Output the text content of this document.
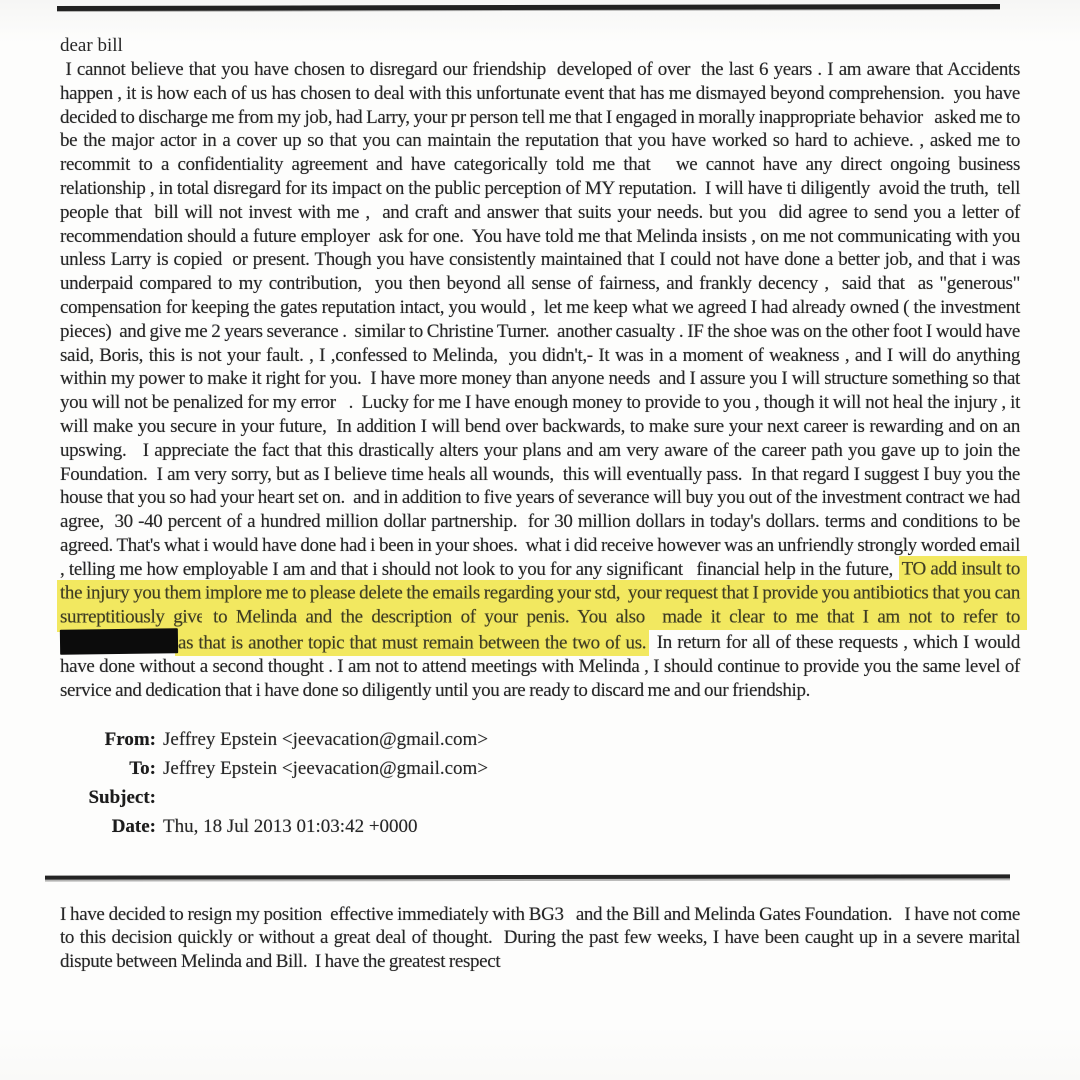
dear bill

I cannot believe that you have chosen to disregard our friendship  developed of over  the last 6 years . I am aware that Accidents happen , it is how each of us has chosen to deal with this unfortunate event that has me dismayed beyond comprehension.  you have decided to discharge me from my job, had Larry, your pr person tell me that I engaged in morally inappropriate behavior   asked me to be the major actor in a cover up so that you can maintain the reputation that you have worked so hard to achieve. , asked me to recommit to a confidentiality agreement and have categorically told me that   we cannot have any direct ongoing business relationship , in total disregard for its impact on the public perception of MY reputation.  I will have ti diligently  avoid the truth,  tell people that  bill will not invest with me ,  and craft and answer that suits your needs. but you  did agree to send you a letter of recommendation should a future employer  ask for one.  You have told me that Melinda insists , on me not communicating with you unless Larry is copied  or present. Though you have consistently maintained that I could not have done a better job, and that i was underpaid compared to my contribution,  you then beyond all sense of fairness, and frankly decency ,  said that  as "generous"  compensation for keeping the gates reputation intact, you would ,  let me keep what we agreed I had already owned ( the investment pieces)  and give me 2 years severance .  similar to Christine Turner.  another casualty . IF the shoe was on the other foot I would have said, Boris, this is not your fault. , I ,confessed to Melinda,  you didn't,- It was in a moment of weakness , and I will do anything within my power to make it right for you.  I have more money than anyone needs  and I assure you I will structure something so that you will not be penalized for my error   .  Lucky for me I have enough money to provide to you , though it will not heal the injury , it will make you secure in your future,  In addition I will bend over backwards, to make sure your next career is rewarding and on an upswing.   I appreciate the fact that this drastically alters your plans and am very aware of the career path you gave up to join the Foundation.  I am very sorry, but as I believe time heals all wounds,  this will eventually pass.  In that regard I suggest I buy you the house that you so had your heart set on.  and in addition to five years of severance will buy you out of the investment contract we had agree,  30 -40 percent of a hundred million dollar partnership.  for 30 million dollars in today's dollars. terms and conditions to be agreed. That's what i would have done had i been in your shoes.  what i did receive however was an unfriendly strongly worded email , telling me how employable I am and that i should not look to you for any significant   financial help in the future,  TO add insult to the injury you them implore me to please delete the emails regarding your std,  your request that I provide you antibiotics that you can surreptitiously give to Melinda and the description of your penis. You also  made it clear to me that I am not to refer to as that is another topic that must remain between the two of us.  In return for all of these requests , which I would have done without a second thought . I am not to attend meetings with Melinda , I should continue to provide you the same level of service and dedication that i have done so diligently until you are ready to discard me and our friendship.

From: Jeffrey Epstein <jeevacation@gmail.com>
To: Jeffrey Epstein <jeevacation@gmail.com>
Subject:
Date: Thu, 18 Jul 2013 01:03:42 +0000

I have decided to resign my position  effective immediately with BG3   and the Bill and Melinda Gates Foundation.   I have not come to this decision quickly or without a great deal of thought.  During the past few weeks, I have been caught up in a severe marital dispute between Melinda and Bill.  I have the greatest respect
